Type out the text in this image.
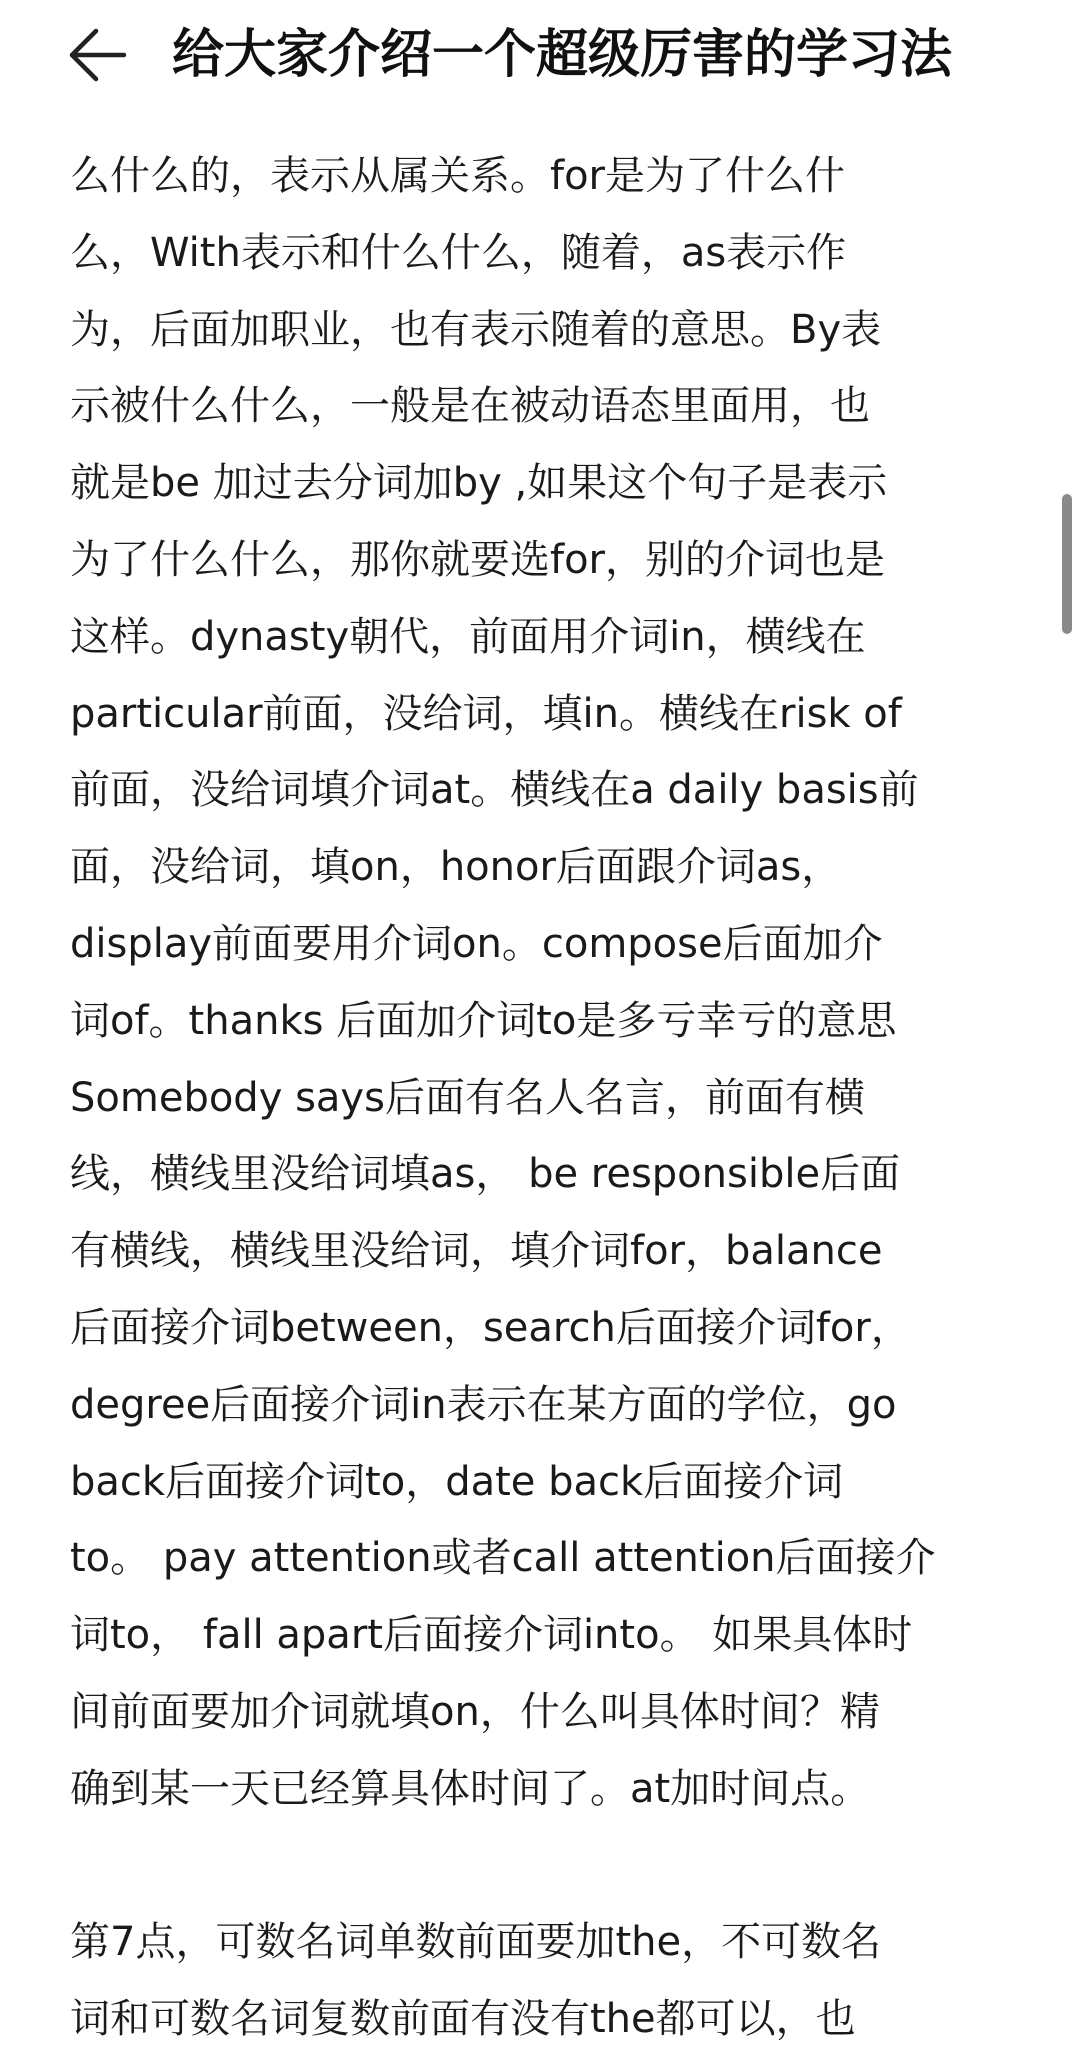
给大家介绍一个超级厉害的学习法
么什么的，表示从属关系。for是为了什么什
么，With表示和什么什么，随着，as表示作
为，后面加职业，也有表示随着的意思。By表
示被什么什么，一般是在被动语态里面用，也
就是be 加过去分词加by ,如果这个句子是表示
为了什么什么，那你就要选for，别的介词也是
这样。dynasty朝代，前面用介词in，横线在
particular前面，没给词，填in。横线在risk of
前面，没给词填介词at。横线在a daily basis前
面，没给词，填on，honor后面跟介词as，
display前面要用介词on。compose后面加介
词of。thanks 后面加介词to是多亏幸亏的意思
Somebody says后面有名人名言，前面有横
线，横线里没给词填as， be responsible后面
有横线，横线里没给词，填介词for，balance
后面接介词between，search后面接介词for，
degree后面接介词in表示在某方面的学位，go
back后面接介词to，date back后面接介词
to。 pay attention或者call attention后面接介
词to， fall apart后面接介词into。 如果具体时
间前面要加介词就填on，什么叫具体时间？精
确到某一天已经算具体时间了。at加时间点。
第7点，可数名词单数前面要加the，不可数名
词和可数名词复数前面有没有the都可以，也
